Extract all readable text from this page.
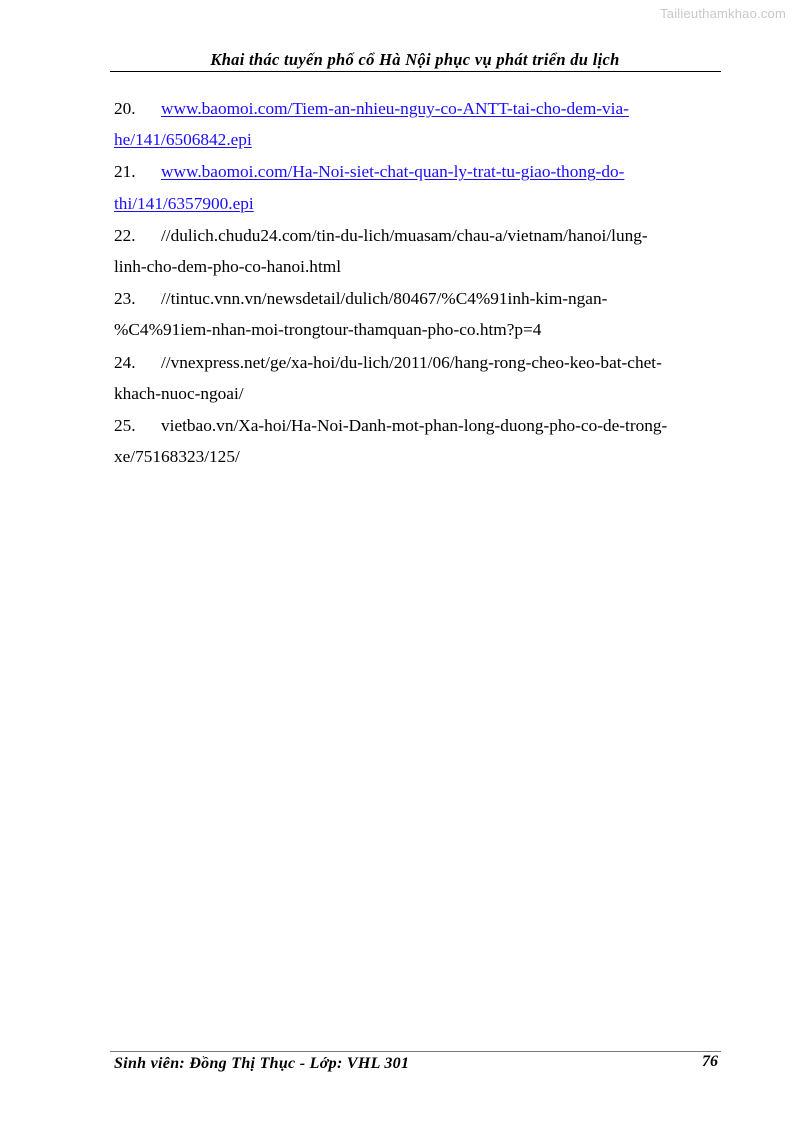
Tailieuthamkhao.com
Khai thác tuyến phố cổ Hà Nội phục vụ phát triển du lịch
20. www.baomoi.com/Tiem-an-nhieu-nguy-co-ANTT-tai-cho-dem-via-
he/141/6506842.epi
21. www.baomoi.com/Ha-Noi-siet-chat-quan-ly-trat-tu-giao-thong-do-
thi/141/6357900.epi
22. //dulich.chudu24.com/tin-du-lich/muasam/chau-a/vietnam/hanoi/lung-
linh-cho-dem-pho-co-hanoi.html
23. //tintuc.vnn.vn/newsdetail/dulich/80467/%C4%91inh-kim-ngan-
%C4%91iem-nhan-moi-trongtour-thamquan-pho-co.htm?p=4
24. //vnexpress.net/ge/xa-hoi/du-lich/2011/06/hang-rong-cheo-keo-bat-chet-
khach-nuoc-ngoai/
25. vietbao.vn/Xa-hoi/Ha-Noi-Danh-mot-phan-long-duong-pho-co-de-trong-
xe/75168323/125/
Sinh viên: Đồng Thị Thục - Lớp: VHL 301	76
